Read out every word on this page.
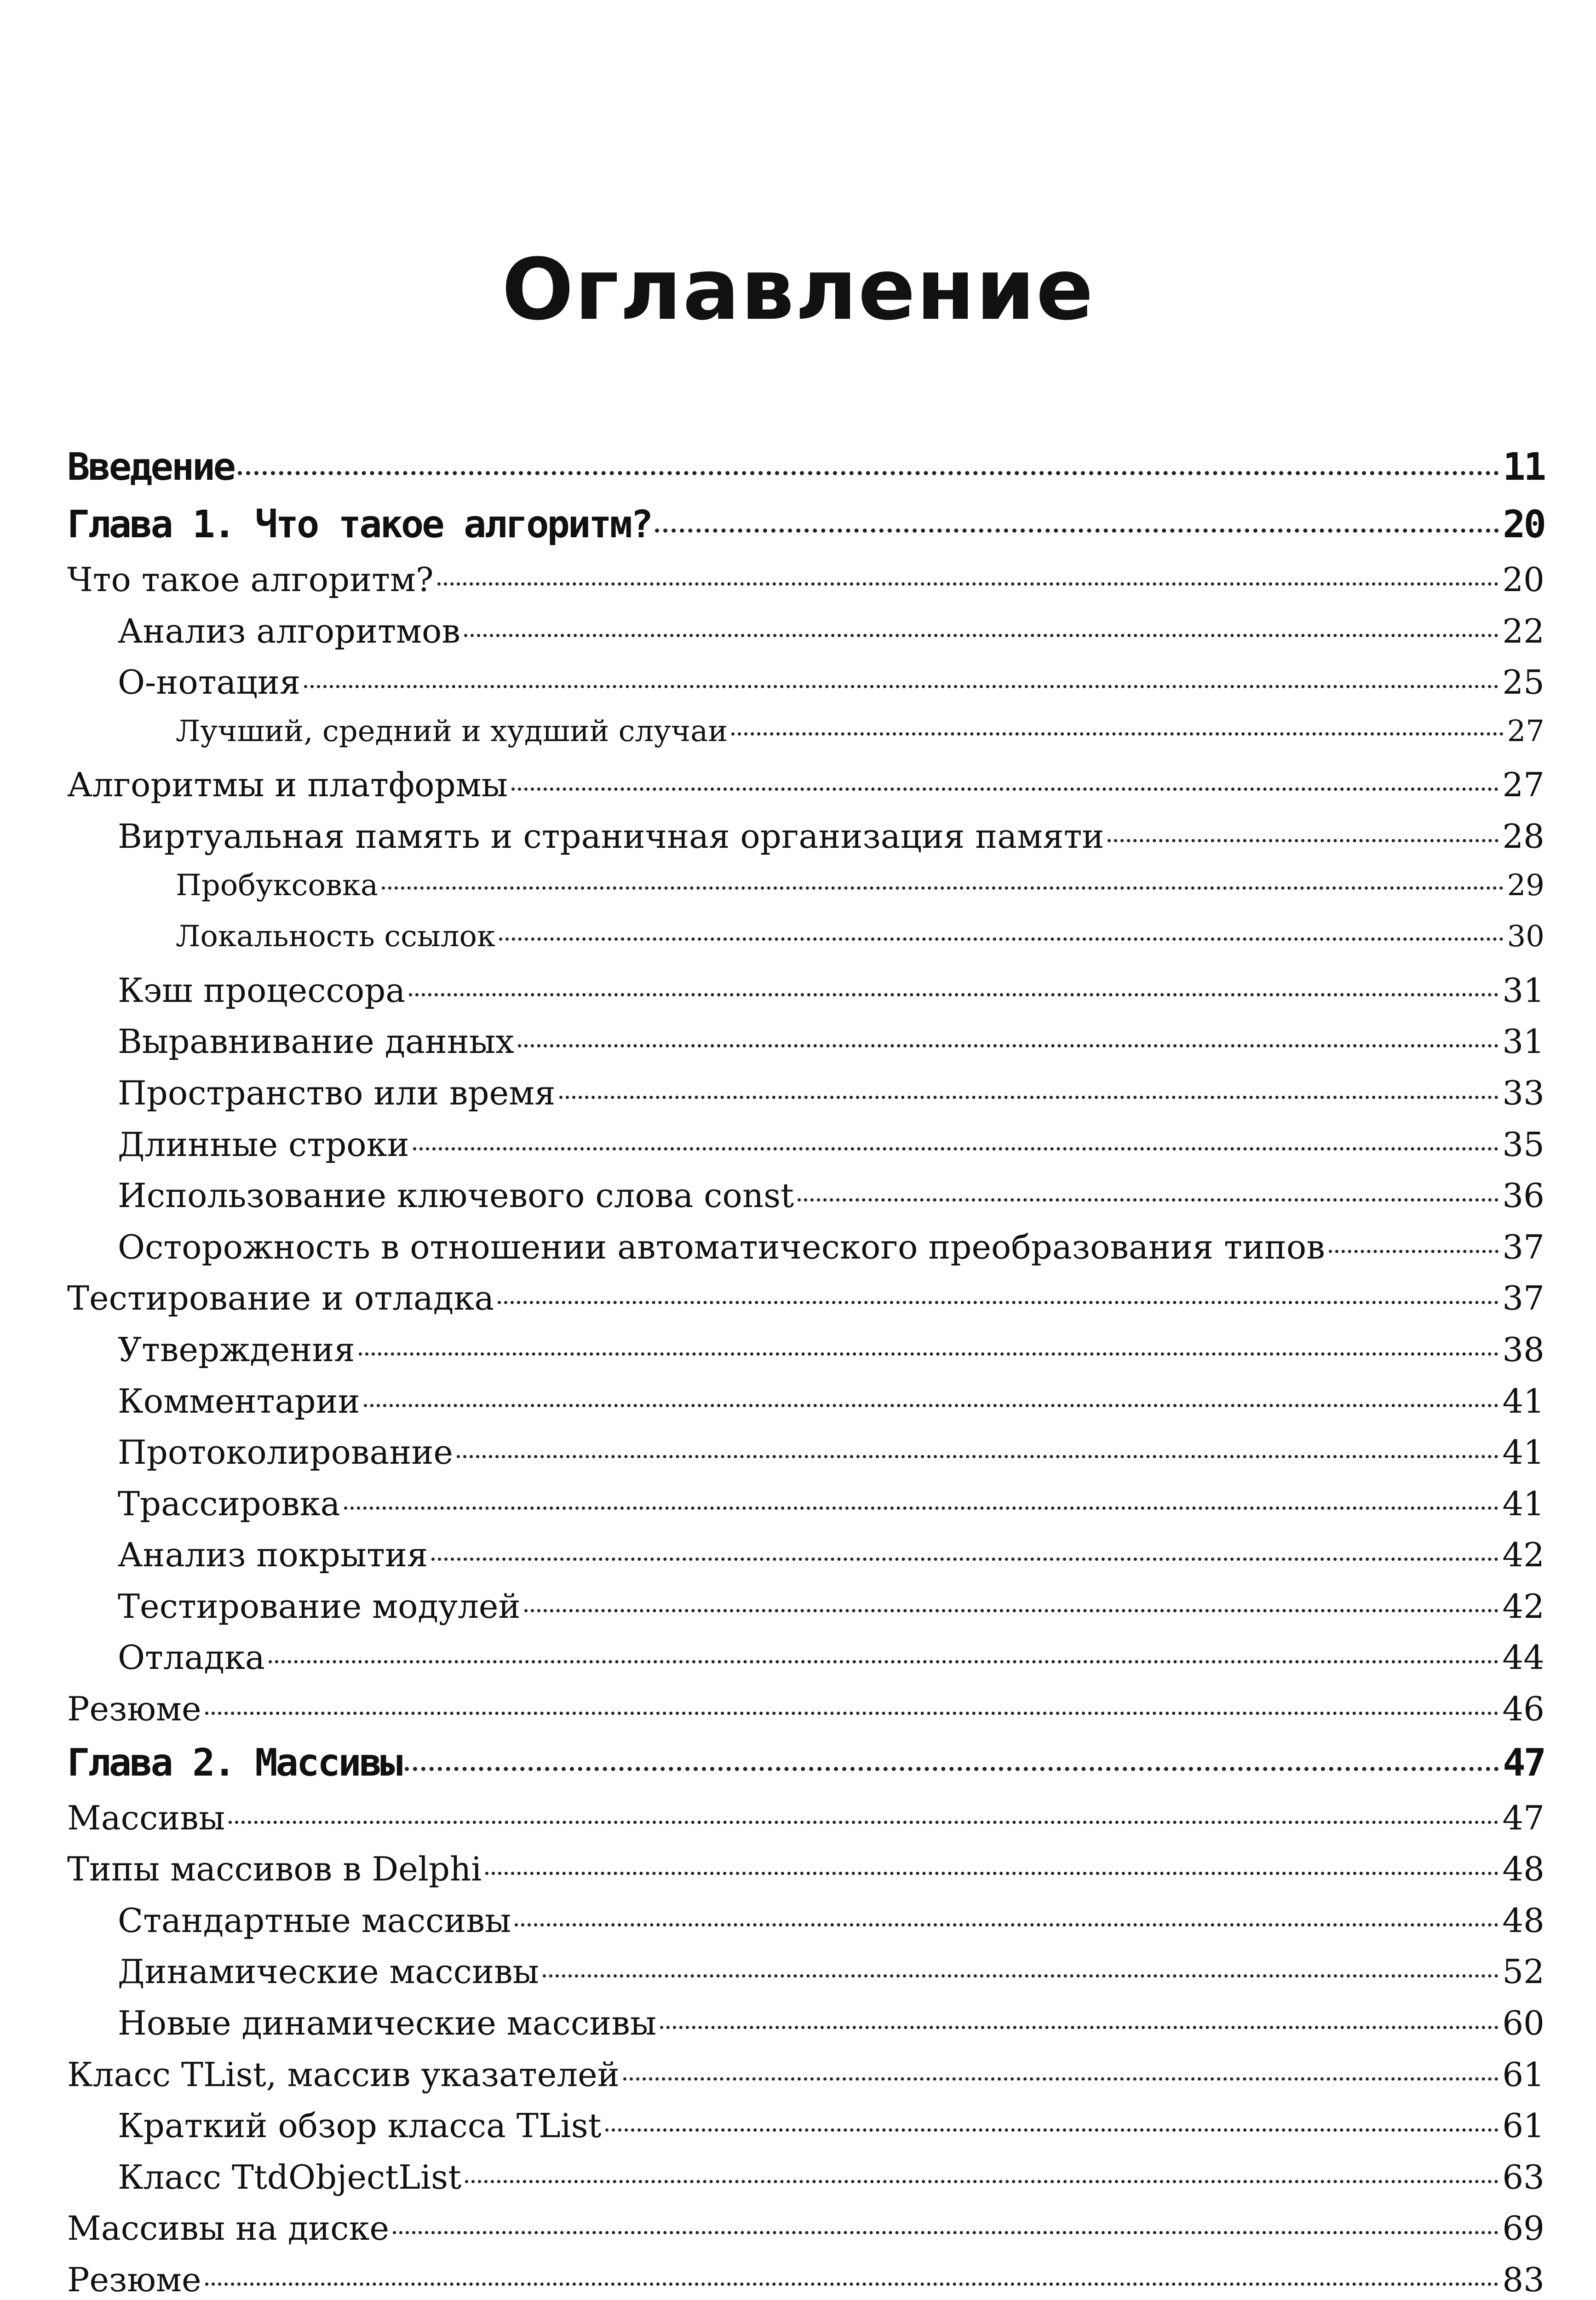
Оглавление
Введение	11
Глава 1. Что такое алгоритм?	20
Что такое алгоритм?	20
Анализ алгоритмов	22
О-нотация	25
Лучший, средний и худший случаи	27
Алгоритмы и платформы	27
Виртуальная память и страничная организация памяти	28
Пробуксовка	29
Локальность ссылок	30
Кэш процессора	31
Выравнивание данных	31
Пространство или время	33
Длинные строки	35
Использование ключевого слова const	36
Осторожность в отношении автоматического преобразования типов	37
Тестирование и отладка	37
Утверждения	38
Комментарии	41
Протоколирование	41
Трассировка	41
Анализ покрытия	42
Тестирование модулей	42
Отладка	44
Резюме	46
Глава 2. Массивы	47
Массивы	47
Типы массивов в Delphi	48
Стандартные массивы	48
Динамические массивы	52
Новые динамические массивы	60
Класс TList, массив указателей	61
Краткий обзор класса TList	61
Класс TtdObjectList	63
Массивы на диске	69
Резюме	83
